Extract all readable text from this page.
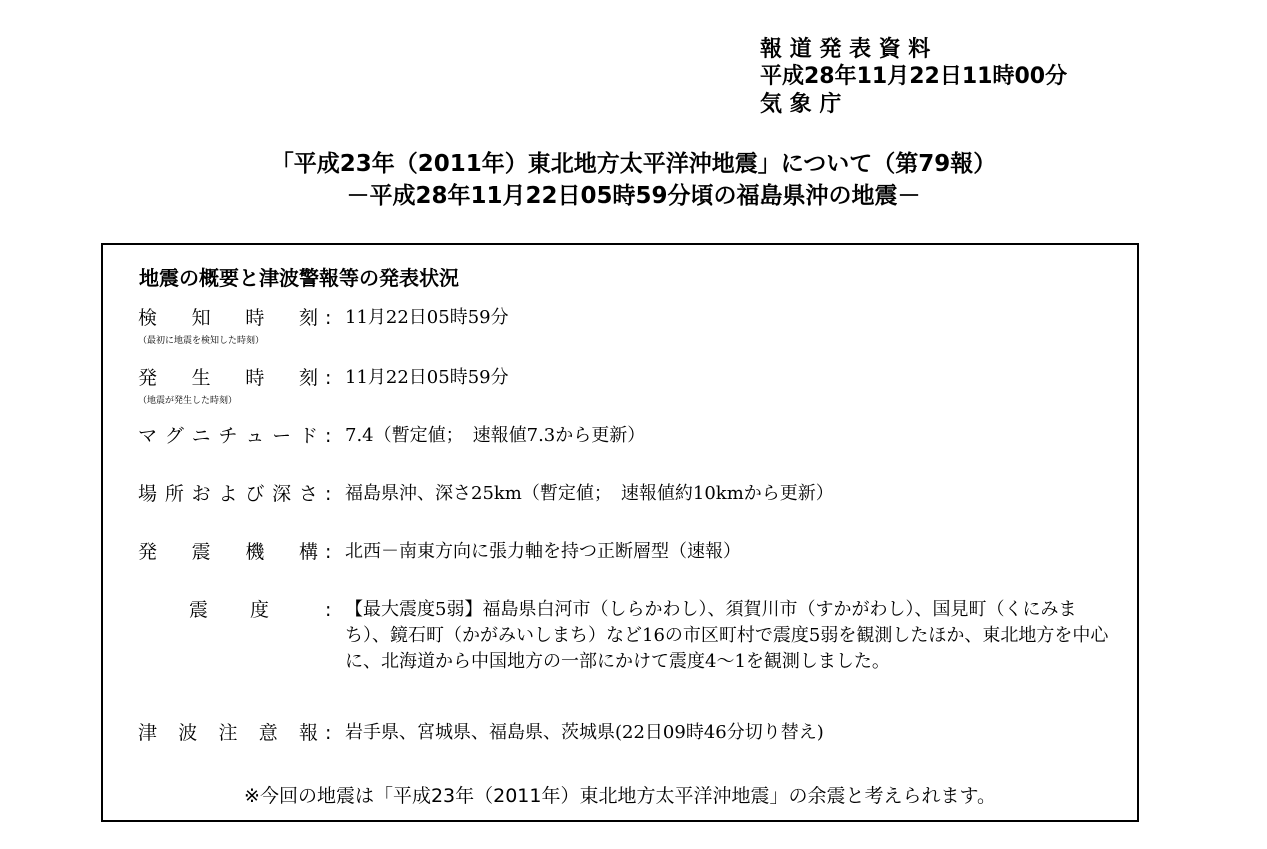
報 道 発 表 資 料
平成28年11月22日11時00分
気 象 庁
「平成23年（2011年）東北地方太平洋沖地震」について（第79報）
－平成28年11月22日05時59分頃の福島県沖の地震－
地震の概要と津波警報等の発表状況
検 知 時 刻
（最初に地震を検知した時刻）
: 11月22日05時59分
発 生 時 刻
（地震が発生した時刻）
: 11月22日05時59分
マ グ ニ チ ュ ー ド : 7.4（暫定値；　速報値7.3から更新）
場 所 お よ び 深 さ : 福島県沖、深さ25km（暫定値；　速報値約10kmから更新）
発 震 機 構 : 北西－南東方向に張力軸を持つ正断層型（速報）
震 度	: 【最大震度5弱】福島県白河市（しらかわし）、須賀川市（すかがわし）、国見町（くにみまち）、鏡石町（かがみいしまち）など16の市区町村で震度5弱を観測したほか、東北地方を中心に、北海道から中国地方の一部にかけて震度4～1を観測しました。
津 波 注 意 報 : 岩手県、宮城県、福島県、茨城県(22日09時46分切り替え)
※今回の地震は「平成23年（2011年）東北地方太平洋沖地震」の余震と考えられます。
